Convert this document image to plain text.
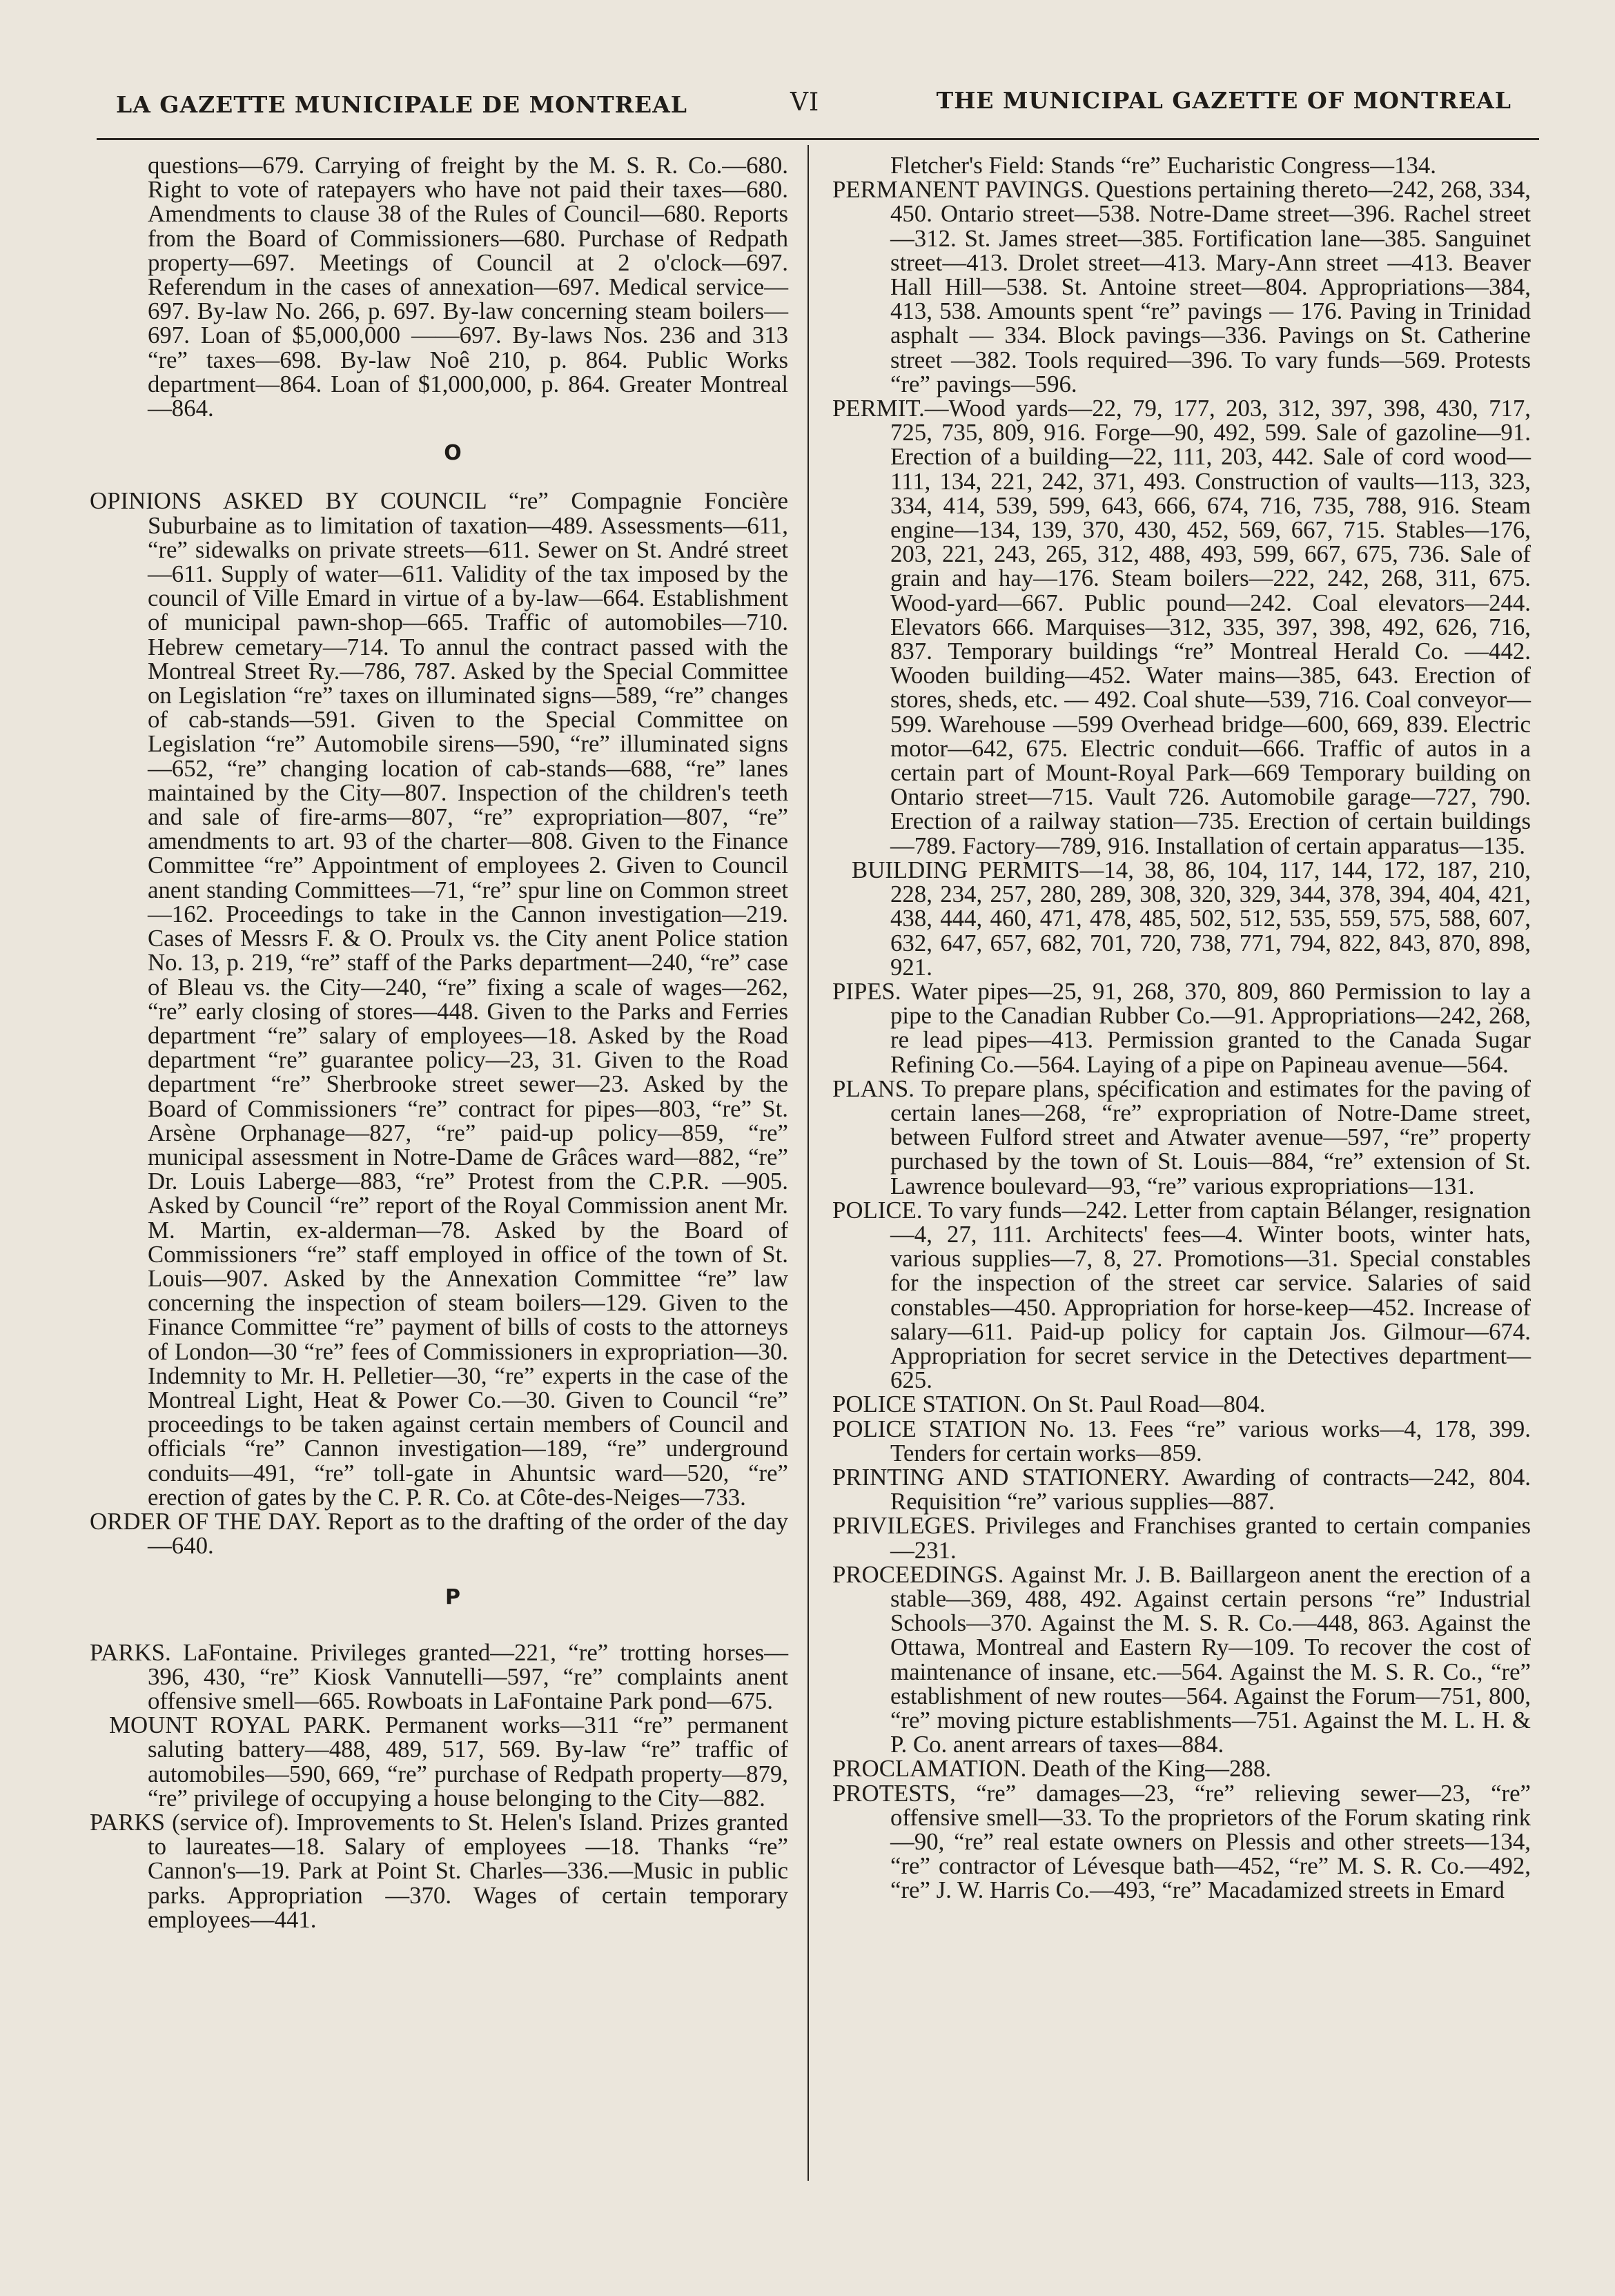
LA GAZETTE MUNICIPALE DE MONTREAL	VI	THE MUNICIPAL GAZETTE OF MONTREAL

questions—679. Carrying of freight by the M. S. R. Co.—680. Right to vote of ratepayers who have not paid their taxes—680. Amendments to clause 38 of the Rules of Council—680. Reports from the Board of Commissioners—680. Purchase of Redpath property—697. Meetings of Council at 2 o'clock—697. Referendum in the cases of annexation—697. Medical service—697. By-law No. 266, p. 697. By-law concerning steam boilers—697. Loan of $5,000,000 ——697. By-laws Nos. 236 and 313 “re” taxes—698. By-law Noê 210, p. 864. Public Works department—864. Loan of $1,000,000, p. 864. Greater Montreal—864.

O

OPINIONS ASKED BY COUNCIL “re” Compagnie Foncière Suburbaine as to limitation of taxation—489. Assessments—611, “re” sidewalks on private streets—611. Sewer on St. André street—611. Supply of water—611. Validity of the tax imposed by the council of Ville Emard in virtue of a by-law—664. Establishment of municipal pawn-shop—665. Traffic of automobiles—710. Hebrew cemetary—714. To annul the contract passed with the Montreal Street Ry.—786, 787. Asked by the Special Committee on Legislation “re” taxes on illuminated signs—589, “re” changes of cab-stands—591. Given to the Special Committee on Legislation “re” Automobile sirens—590, “re” illuminated signs—652, “re” changing location of cab-stands—688, “re” lanes maintained by the City—807. Inspection of the children's teeth and sale of fire-arms—807, “re” expropriation—807, “re” amendments to art. 93 of the charter—808. Given to the Finance Committee “re” Appointment of employees 2. Given to Council anent standing Committees—71, “re” spur line on Common street—162. Proceedings to take in the Cannon investigation—219. Cases of Messrs F. & O. Proulx vs. the City anent Police station No. 13, p. 219, “re” staff of the Parks department—240, “re” case of Bleau vs. the City—240, “re” fixing a scale of wages—262, “re” early closing of stores—448. Given to the Parks and Ferries department “re” salary of employees—18. Asked by the Road department “re” guarantee policy—23, 31. Given to the Road department “re” Sherbrooke street sewer—23. Asked by the Board of Commissioners “re” contract for pipes—803, “re” St. Arsène Orphanage—827, “re” paid-up policy—859, “re” municipal assessment in Notre-Dame de Grâces ward—882, “re” Dr. Louis Laberge—883, “re” Protest from the C.P.R. —905. Asked by Council “re” report of the Royal Commission anent Mr. M. Martin, ex-alderman—78. Asked by the Board of Commissioners “re” staff employed in office of the town of St. Louis—907. Asked by the Annexation Committee “re” law concerning the inspection of steam boilers—129. Given to the Finance Committee “re” payment of bills of costs to the attorneys of London—30 “re” fees of Commissioners in expropriation—30. Indemnity to Mr. H. Pelletier—30, “re” experts in the case of the Montreal Light, Heat & Power Co.—30. Given to Council “re” proceedings to be taken against certain members of Council and officials “re” Cannon investigation—189, “re” underground conduits—491, “re” toll-gate in Ahuntsic ward—520, “re” erection of gates by the C. P. R. Co. at Côte-des-Neiges—733.

ORDER OF THE DAY. Report as to the drafting of the order of the day—640.

P

PARKS. LaFontaine. Privileges granted—221, “re” trotting horses—396, 430, “re” Kiosk Vannutelli—597, “re” complaints anent offensive smell—665. Rowboats in LaFontaine Park pond—675.

MOUNT ROYAL PARK. Permanent works—311 “re” permanent saluting battery—488, 489, 517, 569. By-law “re” traffic of automobiles—590, 669, “re” purchase of Redpath property—879, “re” privilege of occupying a house belonging to the City—882.

PARKS (service of). Improvements to St. Helen's Island. Prizes granted to laureates—18. Salary of employees —18. Thanks “re” Cannon's—19. Park at Point St. Charles—336.—Music in public parks. Appropriation —370. Wages of certain temporary employees—441.

Fletcher's Field: Stands “re” Eucharistic Congress—134.

PERMANENT PAVINGS. Questions pertaining thereto—242, 268, 334, 450. Ontario street—538. Notre-Dame street—396. Rachel street—312. St. James street—385. Fortification lane—385. Sanguinet street—413. Drolet street—413. Mary-Ann street —413. Beaver Hall Hill—538. St. Antoine street—804. Appropriations—384, 413, 538. Amounts spent “re” pavings — 176. Paving in Trinidad asphalt — 334. Block pavings—336. Pavings on St. Catherine street —382. Tools required—396. To vary funds—569. Protests “re” pavings—596.

PERMIT.—Wood yards—22, 79, 177, 203, 312, 397, 398, 430, 717, 725, 735, 809, 916. Forge—90, 492, 599. Sale of gazoline—91. Erection of a building—22, 111, 203, 442. Sale of cord wood—111, 134, 221, 242, 371, 493. Construction of vaults—113, 323, 334, 414, 539, 599, 643, 666, 674, 716, 735, 788, 916. Steam engine—134, 139, 370, 430, 452, 569, 667, 715. Stables—176, 203, 221, 243, 265, 312, 488, 493, 599, 667, 675, 736. Sale of grain and hay—176. Steam boilers—222, 242, 268, 311, 675. Wood-yard—667. Public pound—242. Coal elevators—244. Elevators 666. Marquises—312, 335, 397, 398, 492, 626, 716, 837. Temporary buildings “re” Montreal Herald Co. —442. Wooden building—452. Water mains—385, 643. Erection of stores, sheds, etc. — 492. Coal shute—539, 716. Coal conveyor—599. Warehouse —599 Overhead bridge—600, 669, 839. Electric motor—642, 675. Electric conduit—666. Traffic of autos in a certain part of Mount-Royal Park—669 Temporary building on Ontario street—715. Vault 726. Automobile garage—727, 790. Erection of a railway station—735. Erection of certain buildings —789. Factory—789, 916. Installation of certain apparatus—135.

BUILDING PERMITS—14, 38, 86, 104, 117, 144, 172, 187, 210, 228, 234, 257, 280, 289, 308, 320, 329, 344, 378, 394, 404, 421, 438, 444, 460, 471, 478, 485, 502, 512, 535, 559, 575, 588, 607, 632, 647, 657, 682, 701, 720, 738, 771, 794, 822, 843, 870, 898, 921.

PIPES. Water pipes—25, 91, 268, 370, 809, 860 Permission to lay a pipe to the Canadian Rubber Co.—91. Appropriations—242, 268, re lead pipes—413. Permission granted to the Canada Sugar Refining Co.—564. Laying of a pipe on Papineau avenue—564.

PLANS. To prepare plans, spécification and estimates for the paving of certain lanes—268, “re” expropriation of Notre-Dame street, between Fulford street and Atwater avenue—597, “re” property purchased by the town of St. Louis—884, “re” extension of St. Lawrence boulevard—93, “re” various expropriations—131.

POLICE. To vary funds—242. Letter from captain Bélanger, resignation—4, 27, 111. Architects' fees—4. Winter boots, winter hats, various supplies—7, 8, 27. Promotions—31. Special constables for the inspection of the street car service. Salaries of said constables—450. Appropriation for horse-keep—452. Increase of salary—611. Paid-up policy for captain Jos. Gilmour—674. Appropriation for secret service in the Detectives department—625.

POLICE STATION. On St. Paul Road—804.

POLICE STATION No. 13. Fees “re” various works—4, 178, 399. Tenders for certain works—859.

PRINTING AND STATIONERY. Awarding of contracts—242, 804. Requisition “re” various supplies—887.

PRIVILEGES. Privileges and Franchises granted to certain companies—231.

PROCEEDINGS. Against Mr. J. B. Baillargeon anent the erection of a stable—369, 488, 492. Against certain persons “re” Industrial Schools—370. Against the M. S. R. Co.—448, 863. Against the Ottawa, Montreal and Eastern Ry—109. To recover the cost of maintenance of insane, etc.—564. Against the M. S. R. Co., “re” establishment of new routes—564. Against the Forum—751, 800, “re” moving picture establishments—751. Against the M. L. H. & P. Co. anent arrears of taxes—884.

PROCLAMATION. Death of the King—288.

PROTESTS, “re” damages—23, “re” relieving sewer—23, “re” offensive smell—33. To the proprietors of the Forum skating rink—90, “re” real estate owners on Plessis and other streets—134, “re” contractor of Lévesque bath—452, “re” M. S. R. Co.—492, “re” J. W. Harris Co.—493, “re” Macadamized streets in Emard
